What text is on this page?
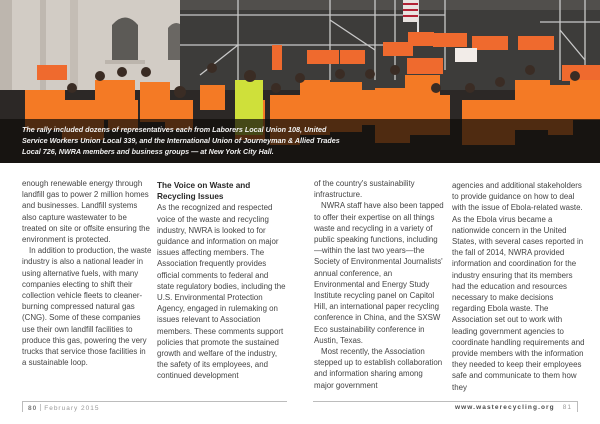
The rally included dozens of representatives each from Laborers Local Union 108, United Service Workers Union Local 339, and the International Union of Journeyman & Allied Trades Local 726, NWRA members and business groups — at New York City Hall.

enough renewable energy through landfill gas to power 2 million homes and businesses. Landfill systems also capture wastewater to be treated on site or offsite ensuring the environment is protected.

In addition to production, the waste industry is also a national leader in using alternative fuels, with many companies electing to shift their collection vehicle fleets to cleaner-burning compressed natural gas (CNG). Some of these companies use their own landfill facilities to produce this gas, powering the very trucks that service those facilities in a sustainable loop.

The Voice on Waste and Recycling Issues

As the recognized and respected voice of the waste and recycling industry, NWRA is looked to for guidance and information on major issues affecting members. The Association frequently provides official comments to federal and state regulatory bodies, including the U.S. Environmental Protection Agency, engaged in rulemaking on issues relevant to Association members. These comments support policies that promote the sustained growth and welfare of the industry, the safety of its employees, and continued development

of the country's sustainability infrastructure.

NWRA staff have also been tapped to offer their expertise on all things waste and recycling in a variety of public speaking functions, including—within the last two years—the Society of Environmental Journalists' annual conference, an Environmental and Energy Study Institute recycling panel on Capitol Hill, an international paper recycling conference in China, and the SXSW Eco sustainability conference in Austin, Texas.

Most recently, the Association stepped up to establish collaboration and information sharing among major government

agencies and additional stakeholders to provide guidance on how to deal with the issue of Ebola-related waste. As the Ebola virus became a nationwide concern in the United States, with several cases reported in the fall of 2014, NWRA provided information and coordination for the industry ensuring that its members had the education and resources necessary to make decisions regarding Ebola waste. The Association set out to work with leading government agencies to coordinate handling requirements and provide members with the information they needed to keep their employees safe and communicate to them how they

80 February 2015	www.wasterecycling.org 81
